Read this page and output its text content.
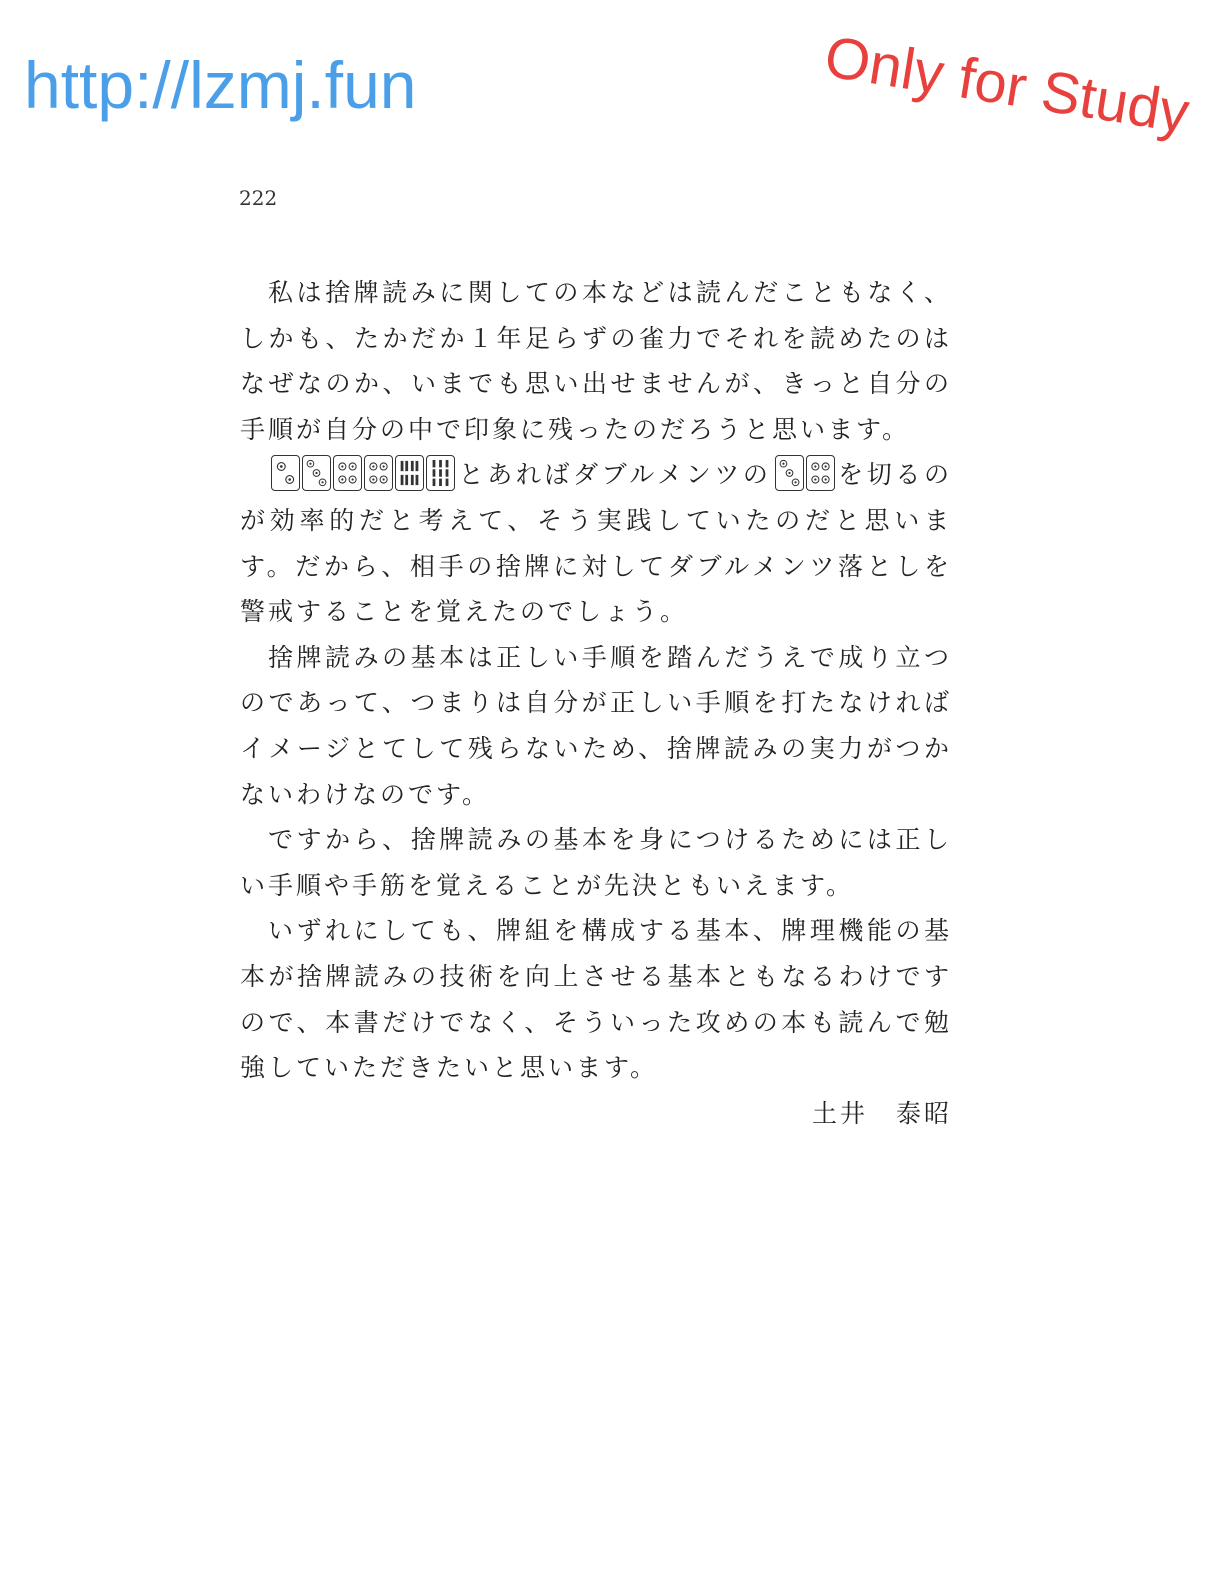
http://lzmj.fun	Only for Study
222

私は捨牌読みに関しての本などは読んだこともなく、しかも、たかだか１年足らずの雀力でそれを読めたのはなぜなのか、いまでも思い出せませんが、きっと自分の手順が自分の中で印象に残ったのだろうと思います。

とあればダブルメンツの	を切るのが効率的だと考えて、そう実践していたのだと思います。だから、相手の捨牌に対してダブルメンツ落としを警戒することを覚えたのでしょう。

捨牌読みの基本は正しい手順を踏んだうえで成り立つのであって、つまりは自分が正しい手順を打たなければイメージとてして残らないため、捨牌読みの実力がつかないわけなのです。

ですから、捨牌読みの基本を身につけるためには正しい手順や手筋を覚えることが先決ともいえます。

いずれにしても、牌組を構成する基本、牌理機能の基本が捨牌読みの技術を向上させる基本ともなるわけですので、本書だけでなく、そういった攻めの本も読んで勉強していただきたいと思います。

土井　泰昭
